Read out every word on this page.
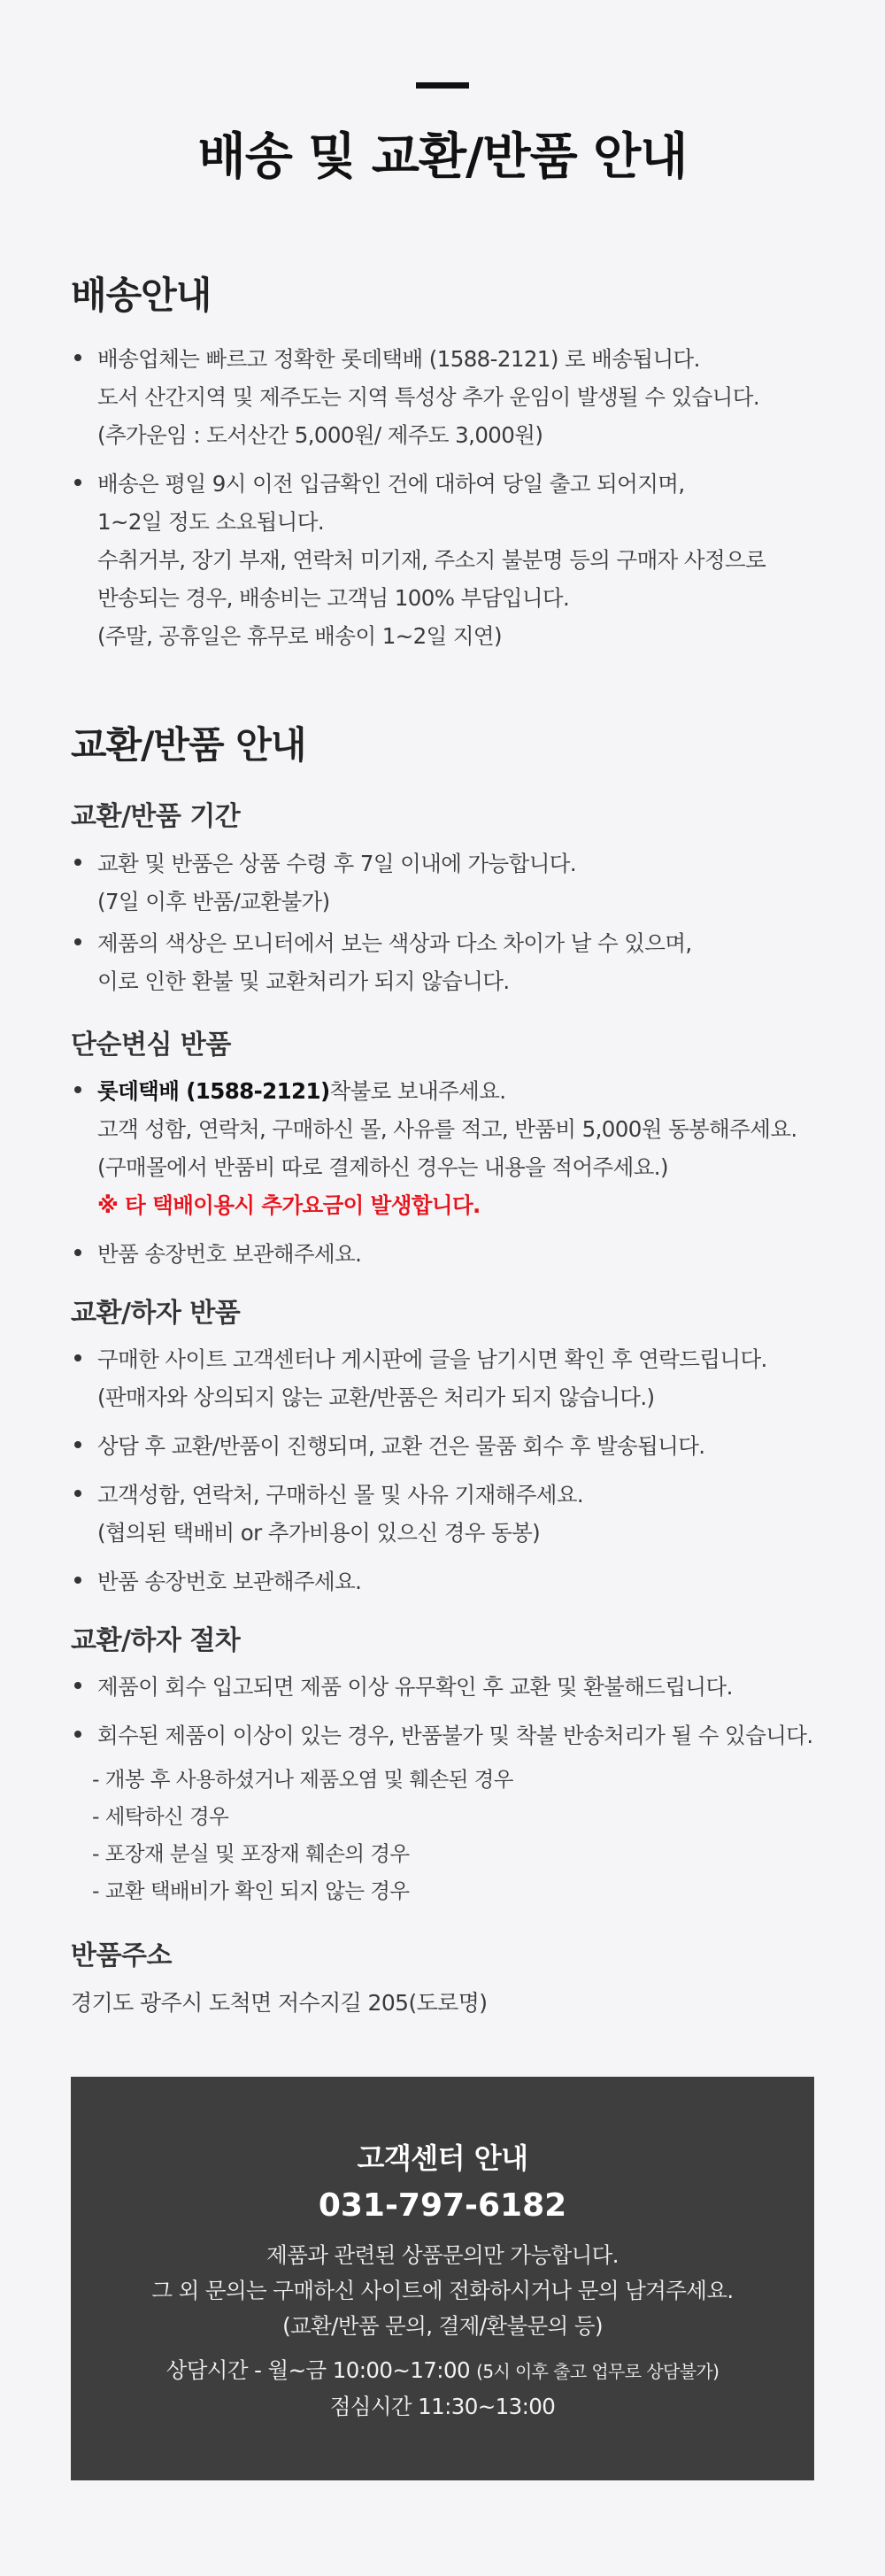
배송 및 교환/반품 안내
배송안내
배송업체는 빠르고 정확한 롯데택배 (1588-2121) 로 배송됩니다.
도서 산간지역 및 제주도는 지역 특성상 추가 운임이 발생될 수 있습니다.
(추가운임 : 도서산간 5,000원/ 제주도 3,000원)
배송은 평일 9시 이전 입금확인 건에 대하여 당일 출고 되어지며,
1~2일 정도 소요됩니다.
수취거부, 장기 부재, 연락처 미기재, 주소지 불분명 등의 구매자 사정으로
반송되는 경우, 배송비는 고객님 100% 부담입니다.
(주말, 공휴일은 휴무로 배송이 1~2일 지연)
교환/반품 안내
교환/반품 기간
교환 및 반품은 상품 수령 후 7일 이내에 가능합니다.
(7일 이후 반품/교환불가)
제품의 색상은 모니터에서 보는 색상과 다소 차이가 날 수 있으며,
이로 인한 환불 및 교환처리가 되지 않습니다.
단순변심 반품
롯데택배 (1588-2121)착불로 보내주세요.
고객 성함, 연락처, 구매하신 몰, 사유를 적고, 반품비 5,000원 동봉해주세요.
(구매몰에서 반품비 따로 결제하신 경우는 내용을 적어주세요.)
※ 타 택배이용시 추가요금이 발생합니다.
반품 송장번호 보관해주세요.
교환/하자 반품
구매한 사이트 고객센터나 게시판에 글을 남기시면 확인 후 연락드립니다.
(판매자와 상의되지 않는 교환/반품은 처리가 되지 않습니다.)
상담 후 교환/반품이 진행되며, 교환 건은 물품 회수 후 발송됩니다.
고객성함, 연락처, 구매하신 몰 및 사유 기재해주세요.
(협의된 택배비 or 추가비용이 있으신 경우 동봉)
반품 송장번호 보관해주세요.
교환/하자 절차
제품이 회수 입고되면 제품 이상 유무확인 후 교환 및 환불해드립니다.
회수된 제품이 이상이 있는 경우, 반품불가 및 착불 반송처리가 될 수 있습니다.
- 개봉 후 사용하셨거나 제품오염 및 훼손된 경우
- 세탁하신 경우
- 포장재 분실 및 포장재 훼손의 경우
- 교환 택배비가 확인 되지 않는 경우
반품주소
경기도 광주시 도척면 저수지길 205(도로명)
고객센터 안내
031-797-6182
제품과 관련된 상품문의만 가능합니다.
그 외 문의는 구매하신 사이트에 전화하시거나 문의 남겨주세요.
(교환/반품 문의, 결제/환불문의 등)
상담시간 - 월~금 10:00~17:00 (5시 이후 출고 업무로 상담불가)
점심시간 11:30~13:00
